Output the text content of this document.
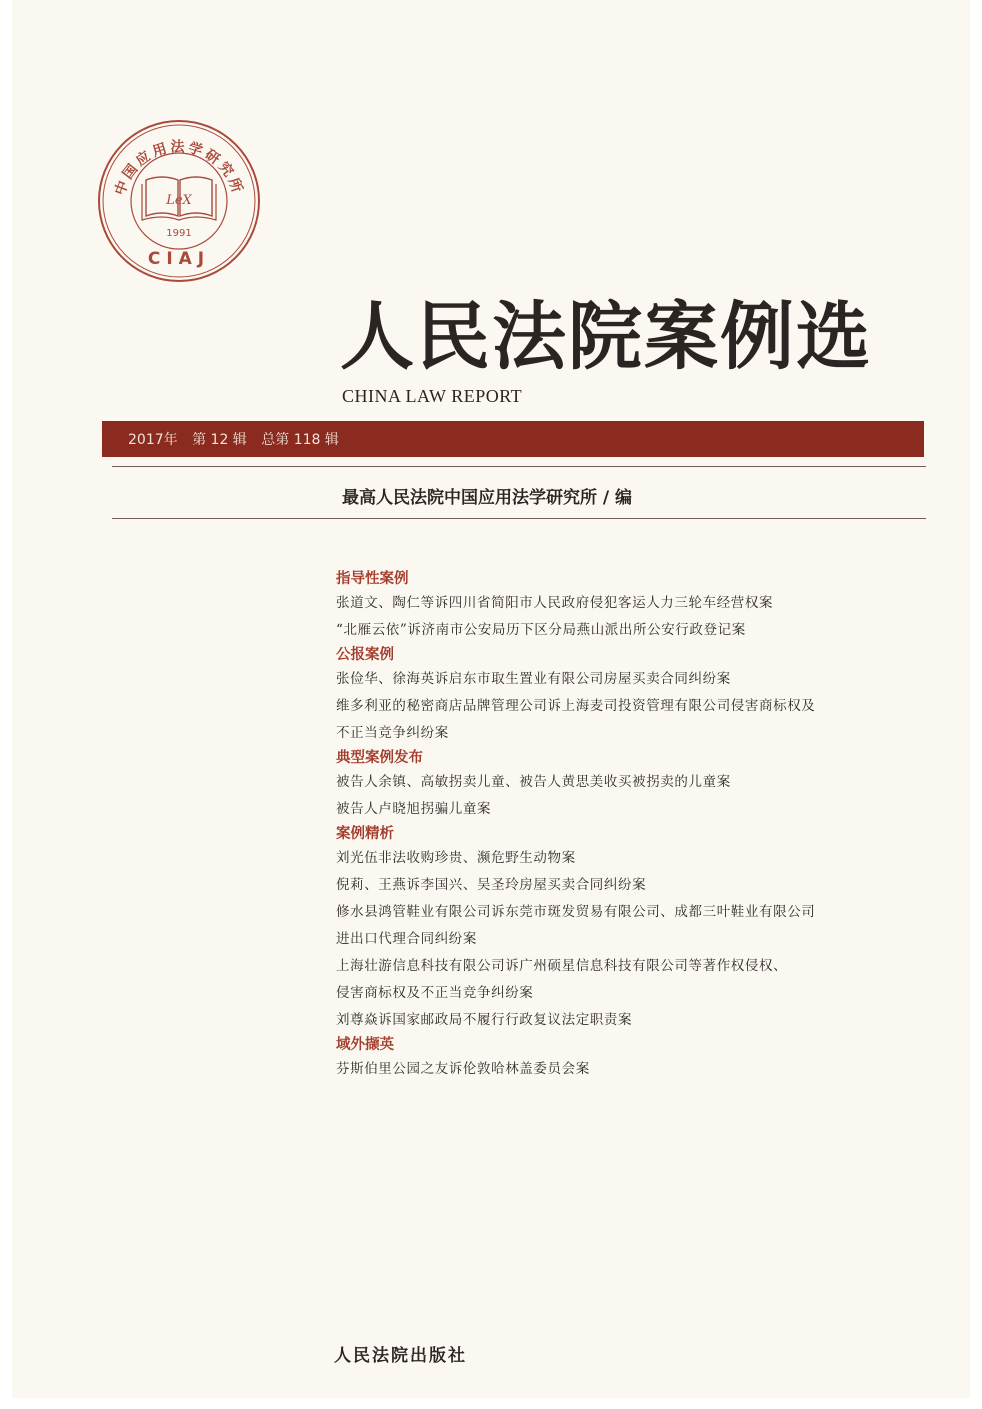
中国应用法学研究所
LeX
1991
CIAJ
人民法院案例选
CHINA LAW REPORT
2017年 第 12 辑 总第 118 辑
最高人民法院中国应用法学研究所 / 编
指导性案例
张道文、陶仁等诉四川省简阳市人民政府侵犯客运人力三轮车经营权案
“北雁云依”诉济南市公安局历下区分局燕山派出所公安行政登记案
公报案例
张俭华、徐海英诉启东市取生置业有限公司房屋买卖合同纠纷案
维多利亚的秘密商店品牌管理公司诉上海麦司投资管理有限公司侵害商标权及
不正当竞争纠纷案
典型案例发布
被告人余镇、高敏拐卖儿童、被告人黄思美收买被拐卖的儿童案
被告人卢晓旭拐骗儿童案
案例精析
刘光伍非法收购珍贵、濒危野生动物案
倪莉、王燕诉李国兴、吴圣玲房屋买卖合同纠纷案
修水县鸿管鞋业有限公司诉东莞市斑发贸易有限公司、成都三叶鞋业有限公司
进出口代理合同纠纷案
上海壮游信息科技有限公司诉广州硕星信息科技有限公司等著作权侵权、
侵害商标权及不正当竞争纠纷案
刘尊焱诉国家邮政局不履行行政复议法定职责案
域外撷英
芬斯伯里公园之友诉伦敦哈林盖委员会案
人民法院出版社
